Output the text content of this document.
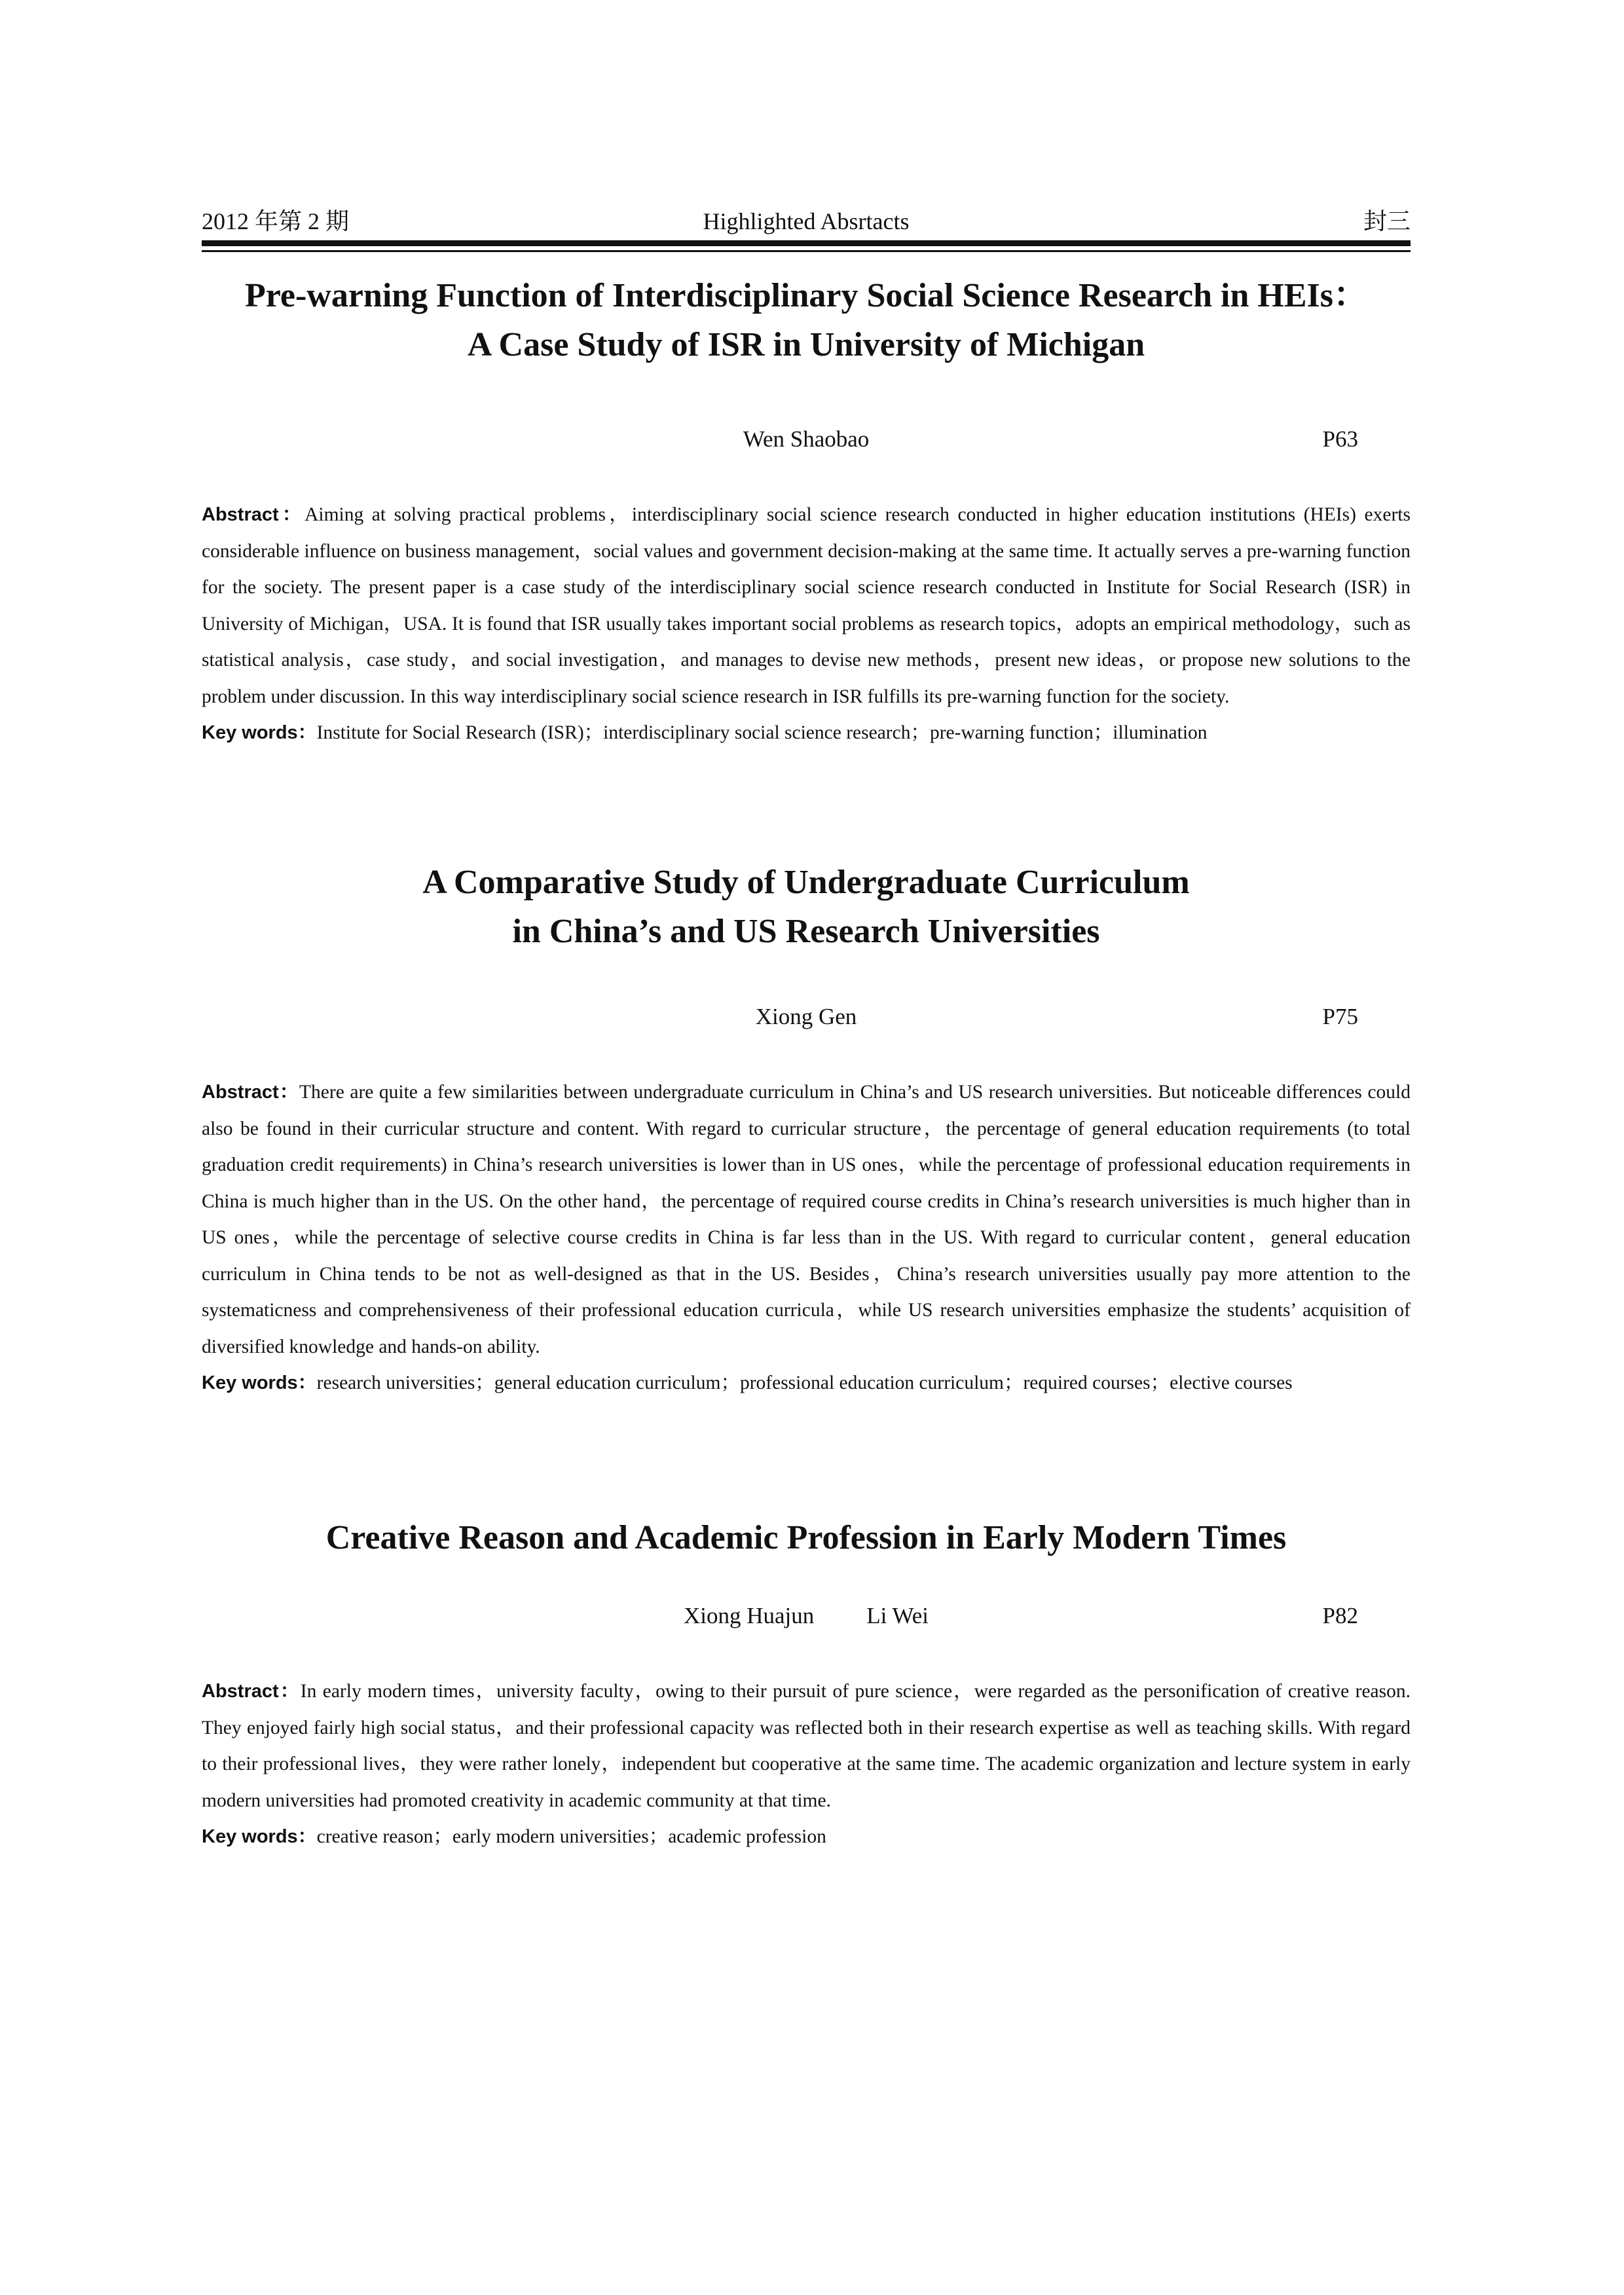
2012 年第 2 期	Highlighted Absrtacts	封三
Pre-warning Function of Interdisciplinary Social Science Research in HEIs：
A Case Study of ISR in University of Michigan
Wen Shaobao	P63

Abstract：Aiming at solving practical problems，interdisciplinary social science research conducted in higher education institutions (HEIs) exerts considerable influence on business management，social values and government decision-making at the same time. It actually serves a pre-warning function for the society. The present paper is a case study of the interdisciplinary social science research conducted in Institute for Social Research (ISR) in University of Michigan，USA. It is found that ISR usually takes important social problems as research topics，adopts an empirical methodology，such as statistical analysis，case study，and social investigation，and manages to devise new methods，present new ideas，or propose new solutions to the problem under discussion. In this way interdisciplinary social science research in ISR fulfills its pre-warning function for the society.

Key words：Institute for Social Research (ISR)；interdisciplinary social science research；pre-warning function；illumination

A Comparative Study of Undergraduate Curriculum
in China’s and US Research Universities
Xiong Gen	P75

Abstract：There are quite a few similarities between undergraduate curriculum in China’s and US research universities. But noticeable differences could also be found in their curricular structure and content. With regard to curricular structure，the percentage of general education requirements (to total graduation credit requirements) in China’s research universities is lower than in US ones，while the percentage of professional education requirements in China is much higher than in the US. On the other hand，the percentage of required course credits in China’s research universities is much higher than in US ones，while the percentage of selective course credits in China is far less than in the US. With regard to curricular content，general education curriculum in China tends to be not as well-designed as that in the US. Besides，China’s research universities usually pay more attention to the systematicness and comprehensiveness of their professional education curricula，while US research universities emphasize the students’ acquisition of diversified knowledge and hands-on ability.

Key words：research universities；general education curriculum；professional education curriculum；required courses；elective courses

Creative Reason and Academic Profession in Early Modern Times
Xiong Huajun Li Wei	P82

Abstract：In early modern times，university faculty，owing to their pursuit of pure science，were regarded as the personification of creative reason. They enjoyed fairly high social status，and their professional capacity was reflected both in their research expertise as well as teaching skills. With regard to their professional lives，they were rather lonely，independent but cooperative at the same time. The academic organization and lecture system in early modern universities had promoted creativity in academic community at that time.

Key words：creative reason；early modern universities；academic profession
